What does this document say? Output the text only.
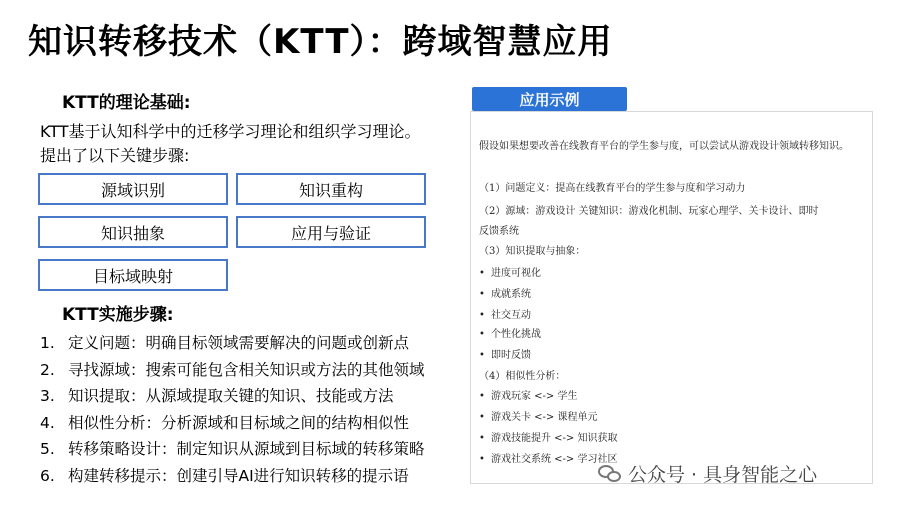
知识转移技术（KTT）：跨域智慧应用
KTT的理论基础:
KTT基于认知科学中的迁移学习理论和组织学习理论。
提出了以下关键步骤:
源域识别	知识重构
知识抽象	应用与验证
目标域映射
KTT实施步骤:
1. 定义问题：明确目标领域需要解决的问题或创新点
2. 寻找源域：搜索可能包含相关知识或方法的其他领域
3. 知识提取：从源域提取关键的知识、技能或方法
4. 相似性分析：分析源域和目标域之间的结构相似性
5. 转移策略设计：制定知识从源域到目标域的转移策略
6. 构建转移提示：创建引导AI进行知识转移的提示语
应用示例
假设如果想要改善在线教育平台的学生参与度，可以尝试从游戏设计领域转移知识。
（1）问题定义：提高在线教育平台的学生参与度和学习动力
（2）源域：游戏设计 关键知识：游戏化机制、玩家心理学、关卡设计、即时
反馈系统
（3）知识提取与抽象：
• 进度可视化
• 成就系统
• 社交互动
• 个性化挑战
• 即时反馈
（4）相似性分析：
• 游戏玩家 <-> 学生
• 游戏关卡 <-> 课程单元
• 游戏技能提升 <-> 知识获取
• 游戏社交系统 <-> 学习社区
公众号 · 具身智能之心
